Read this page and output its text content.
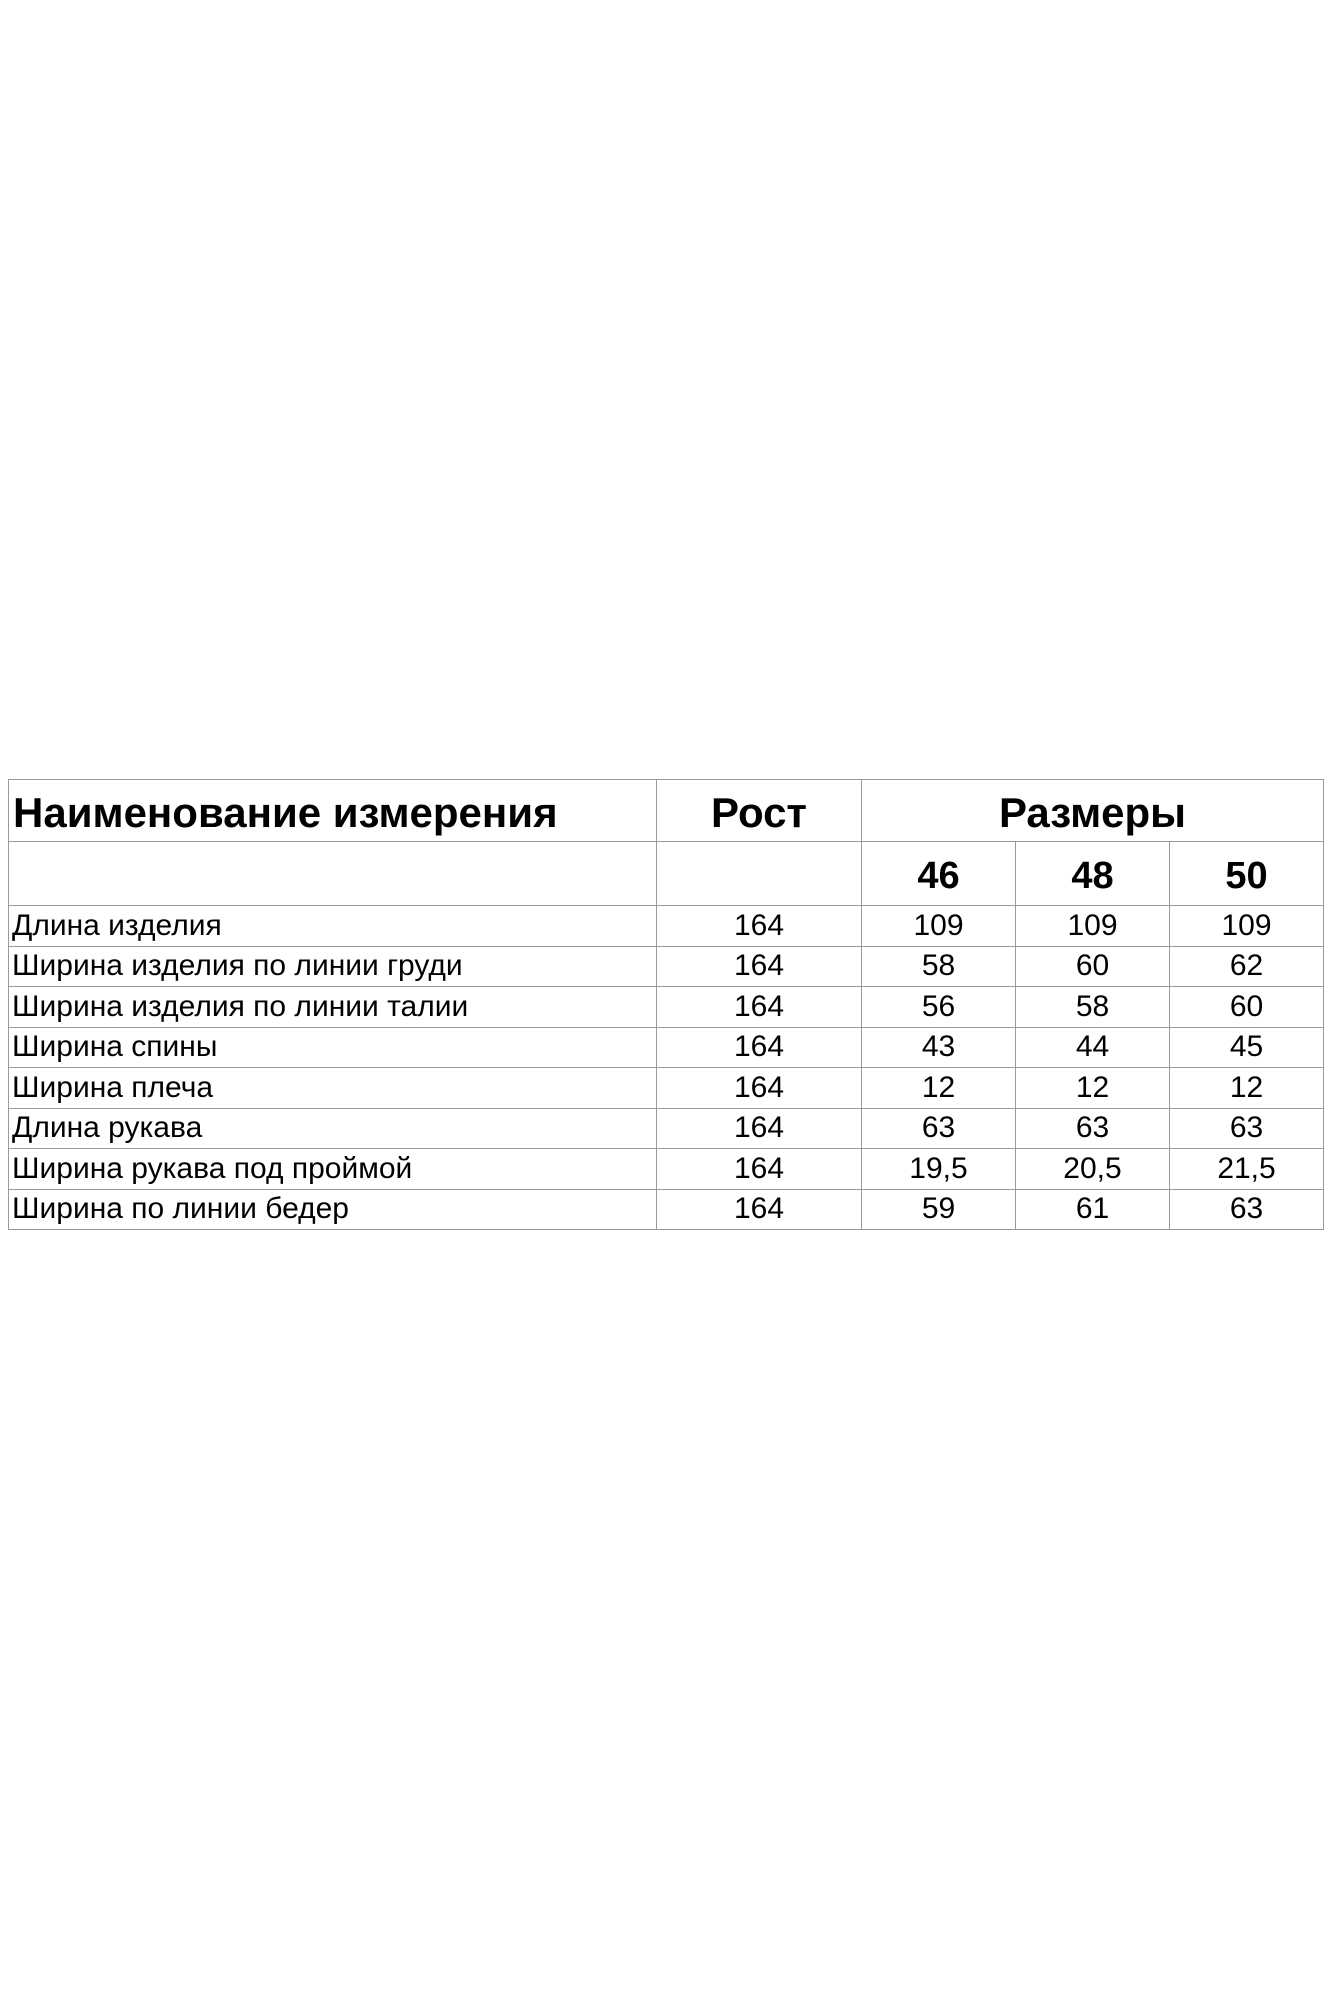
Наименование измерения	Рост	Размеры		
		46	48	50
Длина изделия	164	109	109	109
Ширина изделия по линии груди	164	58	60	62
Ширина изделия по линии талии	164	56	58	60
Ширина спины	164	43	44	45
Ширина плеча	164	12	12	12
Длина рукава	164	63	63	63
Ширина рукава под проймой	164	19,5	20,5	21,5
Ширина по линии бедер	164	59	61	63
